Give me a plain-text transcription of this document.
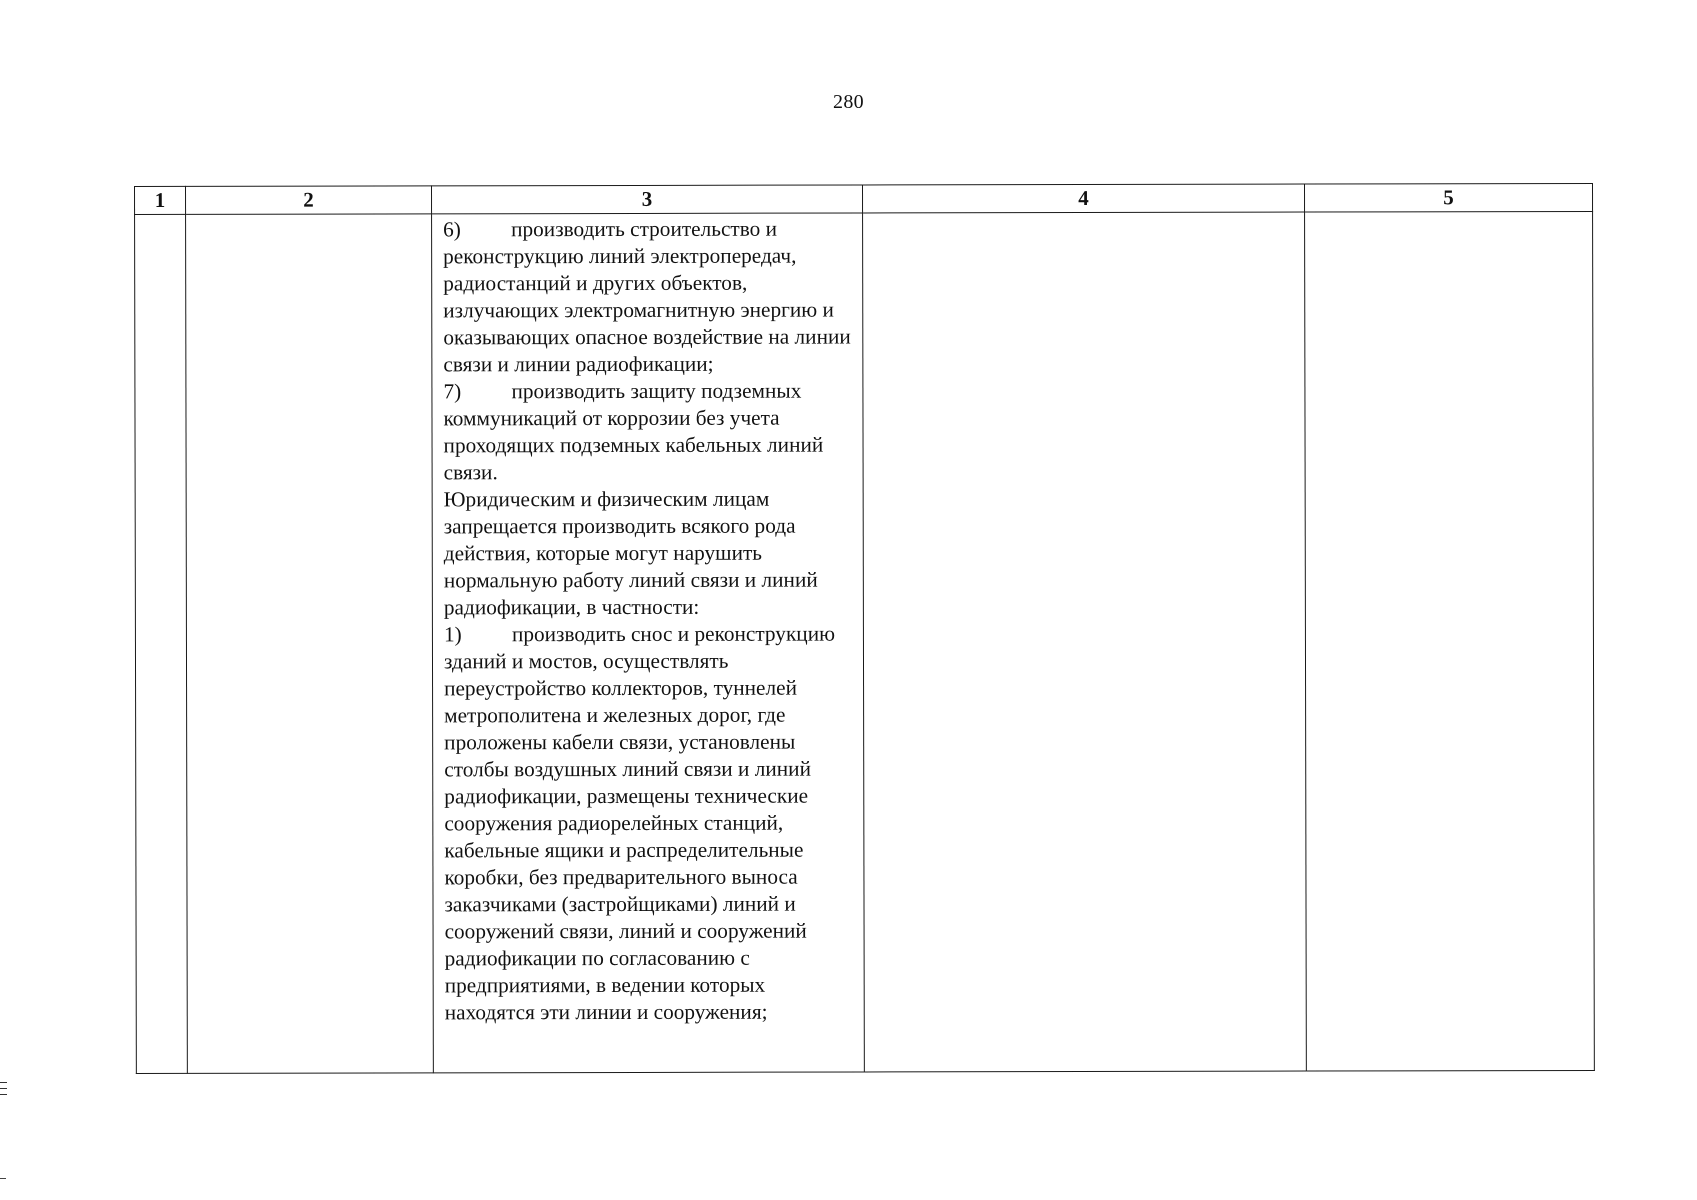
280
1	2	3	4	5

		6) производить строительство и реконструкцию линий электропередач, радиостанций и других объектов, излучающих электромагнитную энергию и оказывающих опасное воздействие на линии связи и линии радиофикации;
7) производить защиту подземных коммуникаций от коррозии без учета проходящих подземных кабельных линий связи.
Юридическим и физическим лицам запрещается производить всякого рода действия, которые могут нарушить нормальную работу линий связи и линий радиофикации, в частности:
1) производить снос и реконструкцию зданий и мостов, осуществлять переустройство коллекторов, туннелей метрополитена и железных дорог, где проложены кабели связи, установлены столбы воздушных линий связи и линий радиофикации, размещены технические сооружения радиорелейных станций, кабельные ящики и распределительные коробки, без предварительного выноса заказчиками (застройщиками) линий и сооружений связи, линий и сооружений радиофикации по согласованию с предприятиями, в ведении которых находятся эти линии и сооружения;		
